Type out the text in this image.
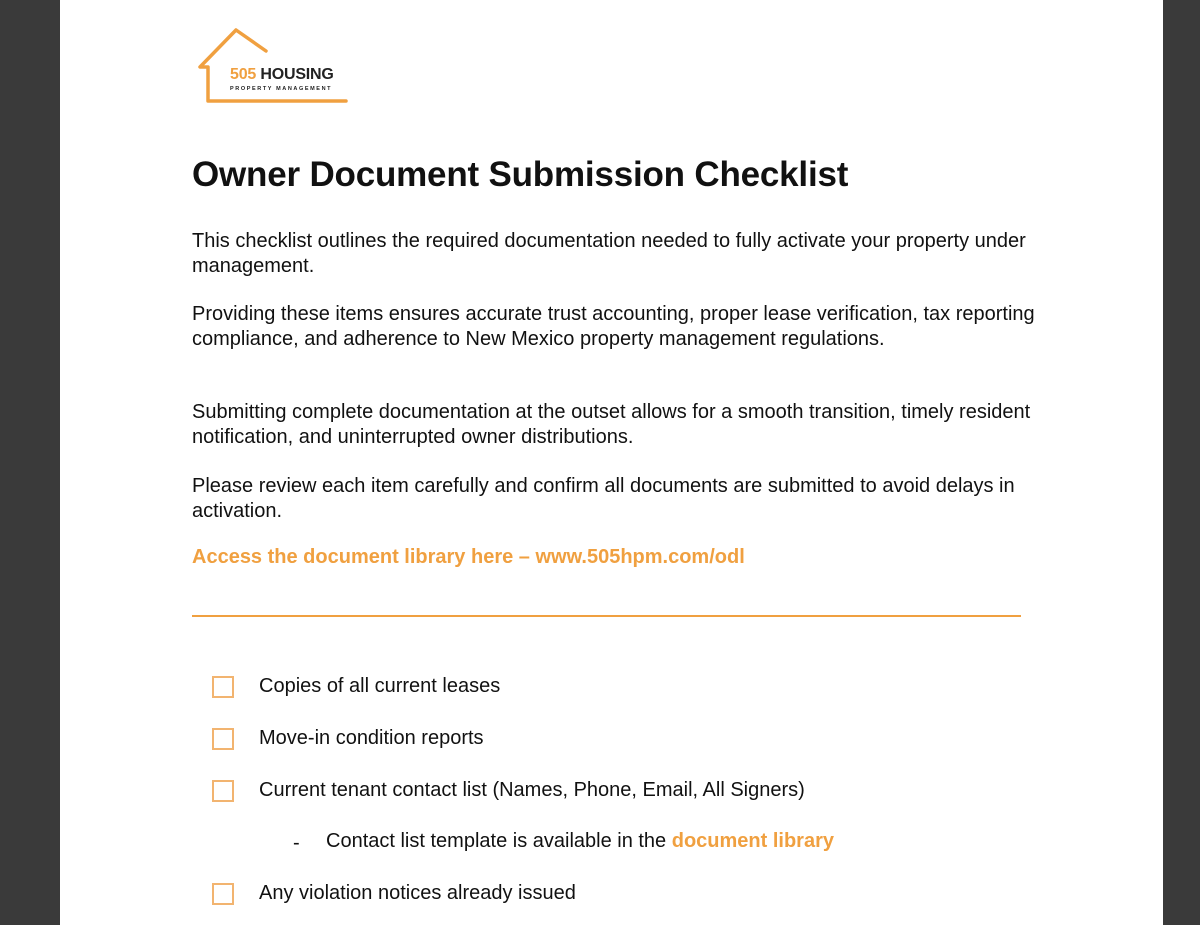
505 HOUSING
PROPERTY MANAGEMENT
Owner Document Submission Checklist

This checklist outlines the required documentation needed to fully activate your property under management.

Providing these items ensures accurate trust accounting, proper lease verification, tax reporting compliance, and adherence to New Mexico property management regulations.

Submitting complete documentation at the outset allows for a smooth transition, timely resident notification, and uninterrupted owner distributions.

Please review each item carefully and confirm all documents are submitted to avoid delays in activation.

Access the document library here – www.505hpm.com/odl
Copies of all current leases
Move-in condition reports
Current tenant contact list (Names, Phone, Email, All Signers)
- Contact list template is available in the document library
Any violation notices already issued
